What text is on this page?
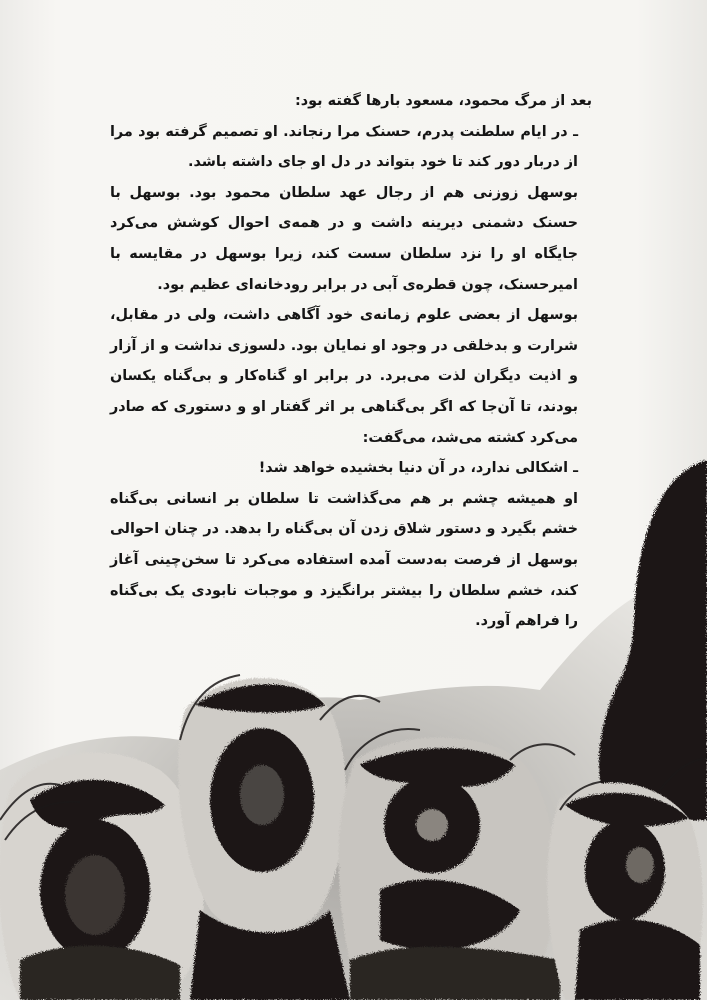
بعد از مرگ محمود، مسعود بارها گفته بود:

ـ در ایام سلطنت پدرم، حسنک مرا رنجاند. او تصمیم گرفته بود مرا از دربار دور کند تا خود بتواند در دل او جای داشته باشد.

بوسهل زوزنی هم از رجال عهد سلطان محمود بود. بوسهل با حسنک دشمنی دیرینه داشت و در همه‌ی احوال کوشش می‌کرد جایگاه او را نزد سلطان سست کند، زیرا بوسهل در مقایسه با امیرحسنک، چون قطره‌ی آبی در برابر رودخانه‌ای عظیم بود.

بوسهل از بعضی علوم زمانه‌ی خود آگاهی داشت، ولی در مقابل، شرارت و بدخلقی در وجود او نمایان بود. دلسوزی نداشت و از آزار و اذیت دیگران لذت می‌برد. در برابر او گناه‌کار و بی‌گناه یکسان بودند، تا آن‌جا که اگر بی‌گناهی بر اثر گفتار او و دستوری که صادر می‌کرد کشته می‌شد، می‌گفت:

ـ اشکالی ندارد، در آن دنیا بخشیده خواهد شد!

او همیشه چشم بر هم می‌گذاشت تا سلطان بر انسانی بی‌گناه خشم بگیرد و دستور شلاق زدن آن بی‌گناه را بدهد. در چنان احوالی بوسهل از فرصت به‌دست آمده استفاده می‌کرد تا سخن‌چینی آغاز کند، خشم سلطان را بیشتر برانگیزد و موجبات نابودی یک بی‌گناه را فراهم آورد.
